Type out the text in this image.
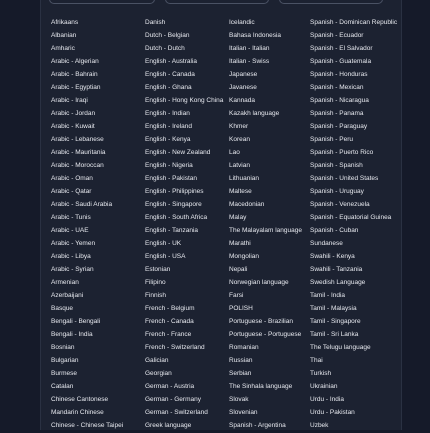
Afrikaans
Albanian
Amharic
Arabic - Algerian
Arabic - Bahrain
Arabic - Egyptian
Arabic - Iraqi
Arabic - Jordan
Arabic - Kuwait
Arabic - Lebanese
Arabic - Mauritania
Arabic - Moroccan
Arabic - Oman
Arabic - Qatar
Arabic - Saudi Arabia
Arabic - Tunis
Arabic - UAE
Arabic - Yemen
Arabic - Libya
Arabic - Syrian
Armenian
Azerbaijani
Basque
Bengali - Bengali
Bengali - India
Bosnian
Bulgarian
Burmese
Catalan
Chinese Cantonese
Mandarin Chinese
Chinese - Chinese Taipei
Danish
Dutch - Belgian
Dutch - Dutch
English - Australia
English - Canada
English - Ghana
English - Hong Kong China
English - Indian
English - Ireland
English - Kenya
English - New Zealand
English - Nigeria
English - Pakistan
English - Philippines
English - Singapore
English - South Africa
English - Tanzania
English - UK
English - USA
Estonian
Filipino
Finnish
French - Belgium
French - Canada
French - France
French - Switzerland
Galician
Georgian
German - Austria
German - Germany
German - Switzerland
Greek language
Icelandic
Bahasa Indonesia
Italian - Italian
Italian - Swiss
Japanese
Javanese
Kannada
Kazakh language
Khmer
Korean
Lao
Latvian
Lithuanian
Maltese
Macedonian
Malay
The Malayalam language
Marathi
Mongolian
Nepali
Norwegian language
Farsi
POLISH
Portuguese - Brazilian
Portuguese - Portuguese
Romanian
Russian
Serbian
The Sinhala language
Slovak
Slovenian
Spanish - Argentina
Spanish - Dominican Republic
Spanish - Ecuador
Spanish - El Salvador
Spanish - Guatemala
Spanish - Honduras
Spanish - Mexican
Spanish - Nicaragua
Spanish - Panama
Spanish - Paraguay
Spanish - Peru
Spanish - Puerto Rico
Spanish - Spanish
Spanish - United States
Spanish - Uruguay
Spanish - Venezuela
Spanish - Equatorial Guinea
Spanish - Cuban
Sundanese
Swahili - Kenya
Swahili - Tanzania
Swedish Language
Tamil - India
Tamil - Malaysia
Tamil - Singapore
Tamil - Sri Lanka
The Telugu language
Thai
Turkish
Ukrainian
Urdu - India
Urdu - Pakistan
Uzbek
